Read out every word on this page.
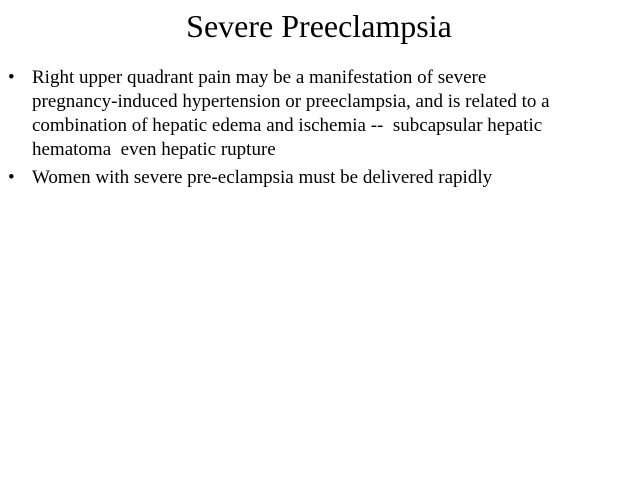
Severe Preeclampsia
• Right upper quadrant pain may be a manifestation of severe
pregnancy-induced hypertension or preeclampsia, and is related to a
combination of hepatic edema and ischemia --  subcapsular hepatic
hematoma  even hepatic rupture
• Women with severe pre-eclampsia must be delivered rapidly
